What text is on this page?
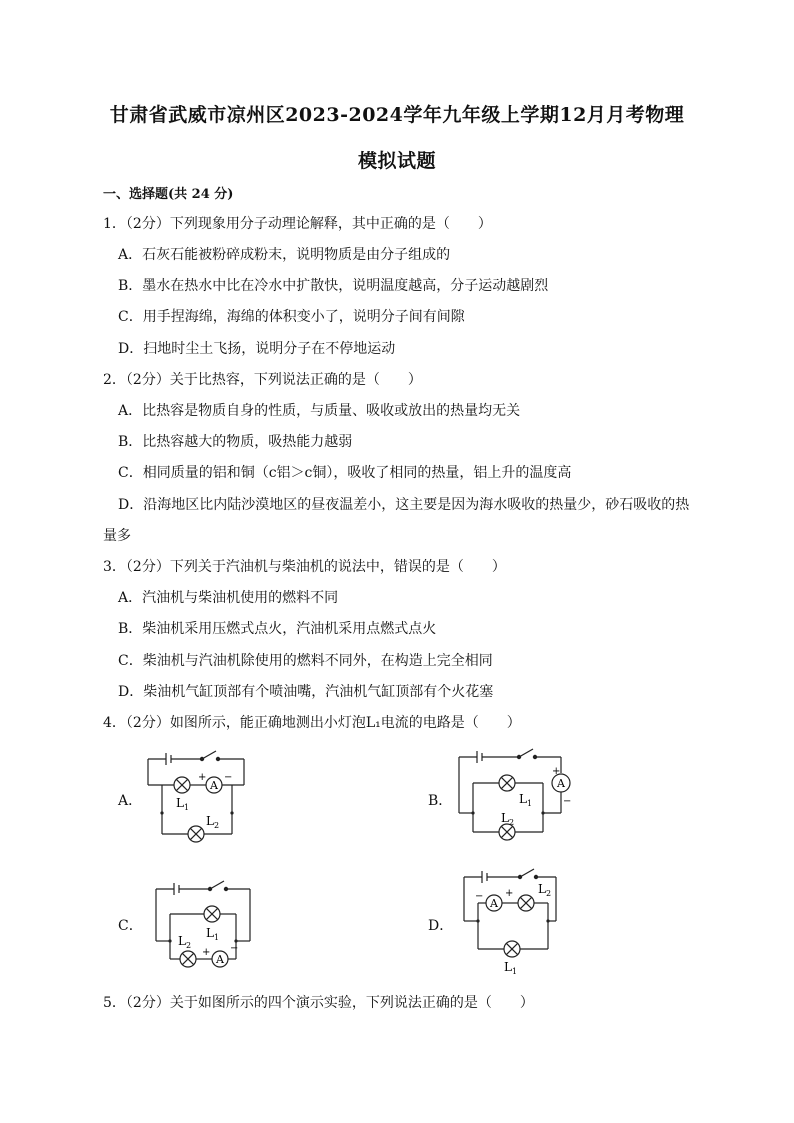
甘肃省武威市凉州区2023-2024学年九年级上学期12月月考物理
模拟试题
一、选择题(共 24 分)
1．（2分）下列现象用分子动理论解释，其中正确的是（　　）
A．石灰石能被粉碎成粉末，说明物质是由分子组成的
B．墨水在热水中比在冷水中扩散快，说明温度越高，分子运动越剧烈
C．用手捏海绵，海绵的体积变小了，说明分子间有间隙
D．扫地时尘土飞扬，说明分子在不停地运动
2．（2分）关于比热容，下列说法正确的是（　　）
A．比热容是物质自身的性质，与质量、吸收或放出的热量均无关
B．比热容越大的物质，吸热能力越弱
C．相同质量的铝和铜（c铝＞c铜），吸收了相同的热量，铝上升的温度高
D．沿海地区比内陆沙漠地区的昼夜温差小，这主要是因为海水吸收的热量少，砂石吸收的热
量多
3．（2分）下列关于汽油机与柴油机的说法中，错误的是（　　）
A．汽油机与柴油机使用的燃料不同
B．柴油机采用压燃式点火，汽油机采用点燃式点火
C．柴油机与汽油机除使用的燃料不同外，在构造上完全相同
D．柴油机气缸顶部有个喷油嘴，汽油机气缸顶部有个火花塞
4．（2分）如图所示，能正确地测出小灯泡L₁电流的电路是（　　）
A．
A
+ −
L 1
L 2
B．
A
+
−
L 1
L 2
C．
A
+ −
L 1
L 2
D．
A
+
−
L 2
L 1
5．（2分）关于如图所示的四个演示实验，下列说法正确的是（　　）
